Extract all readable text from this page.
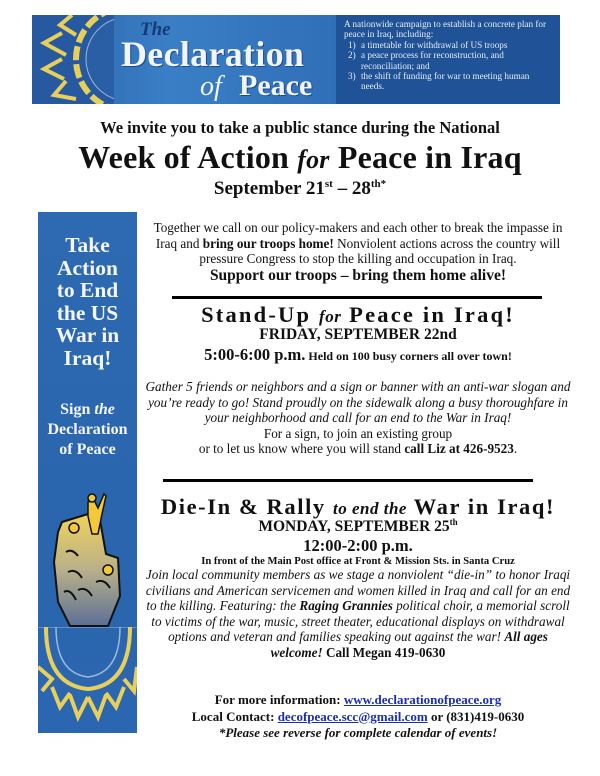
The
Declaration
of Peace
A nationwide campaign to establish a concrete plan for peace in Iraq, including:
1) a timetable for withdrawal of US troops
2) a peace process for reconstruction, and reconciliation; and
3) the shift of funding for war to meeting human needs.
We invite you to take a public stance during the National
Week of Action for Peace in Iraq
September $21st - 28^{th*}$
Take
Action
to End
the US
War in
Iraq!
Sign the
Declaration
of Peace
Together we call on our policy-makers and each other to break the impasse in Iraq and bring our troops home! Nonviolent actions across the country will pressure Congress to stop the killing and occupation in Iraq.
Support our troops – bring them home alive!
Stand-Up for Peace in Iraq!
FRIDAY, SEPTEMBER 22nd
5:00-6:00 p.m. Held on 100 busy corners all over town!
Gather 5 friends or neighbors and a sign or banner with an anti-war slogan and you’re ready to go! Stand proudly on the sidewalk along a busy thoroughfare in your neighborhood and call for an end to the War in Iraq!
For a sign, to join an existing group
or to let us know where you will stand call Liz at 426-9523.
Die-In & Rally to end the War in Iraq!
MONDAY, SEPTEMBER 25th
12:00-2:00 p.m.
In front of the Main Post office at Front & Mission Sts. in Santa Cruz
Join local community members as we stage a nonviolent “die-in” to honor Iraqi civilians and American servicemen and women killed in Iraq and call for an end to the killing. Featuring: the Raging Grannies political choir, a memorial scroll to victims of the war, music, street theater, educational displays on withdrawal options and veteran and families speaking out against the war! All ages welcome! Call Megan 419-0630
For more information: www.declarationofpeace.org
Local Contact: decofpeace.scc@gmail.com or (831)419-0630
*Please see reverse for complete calendar of events!
